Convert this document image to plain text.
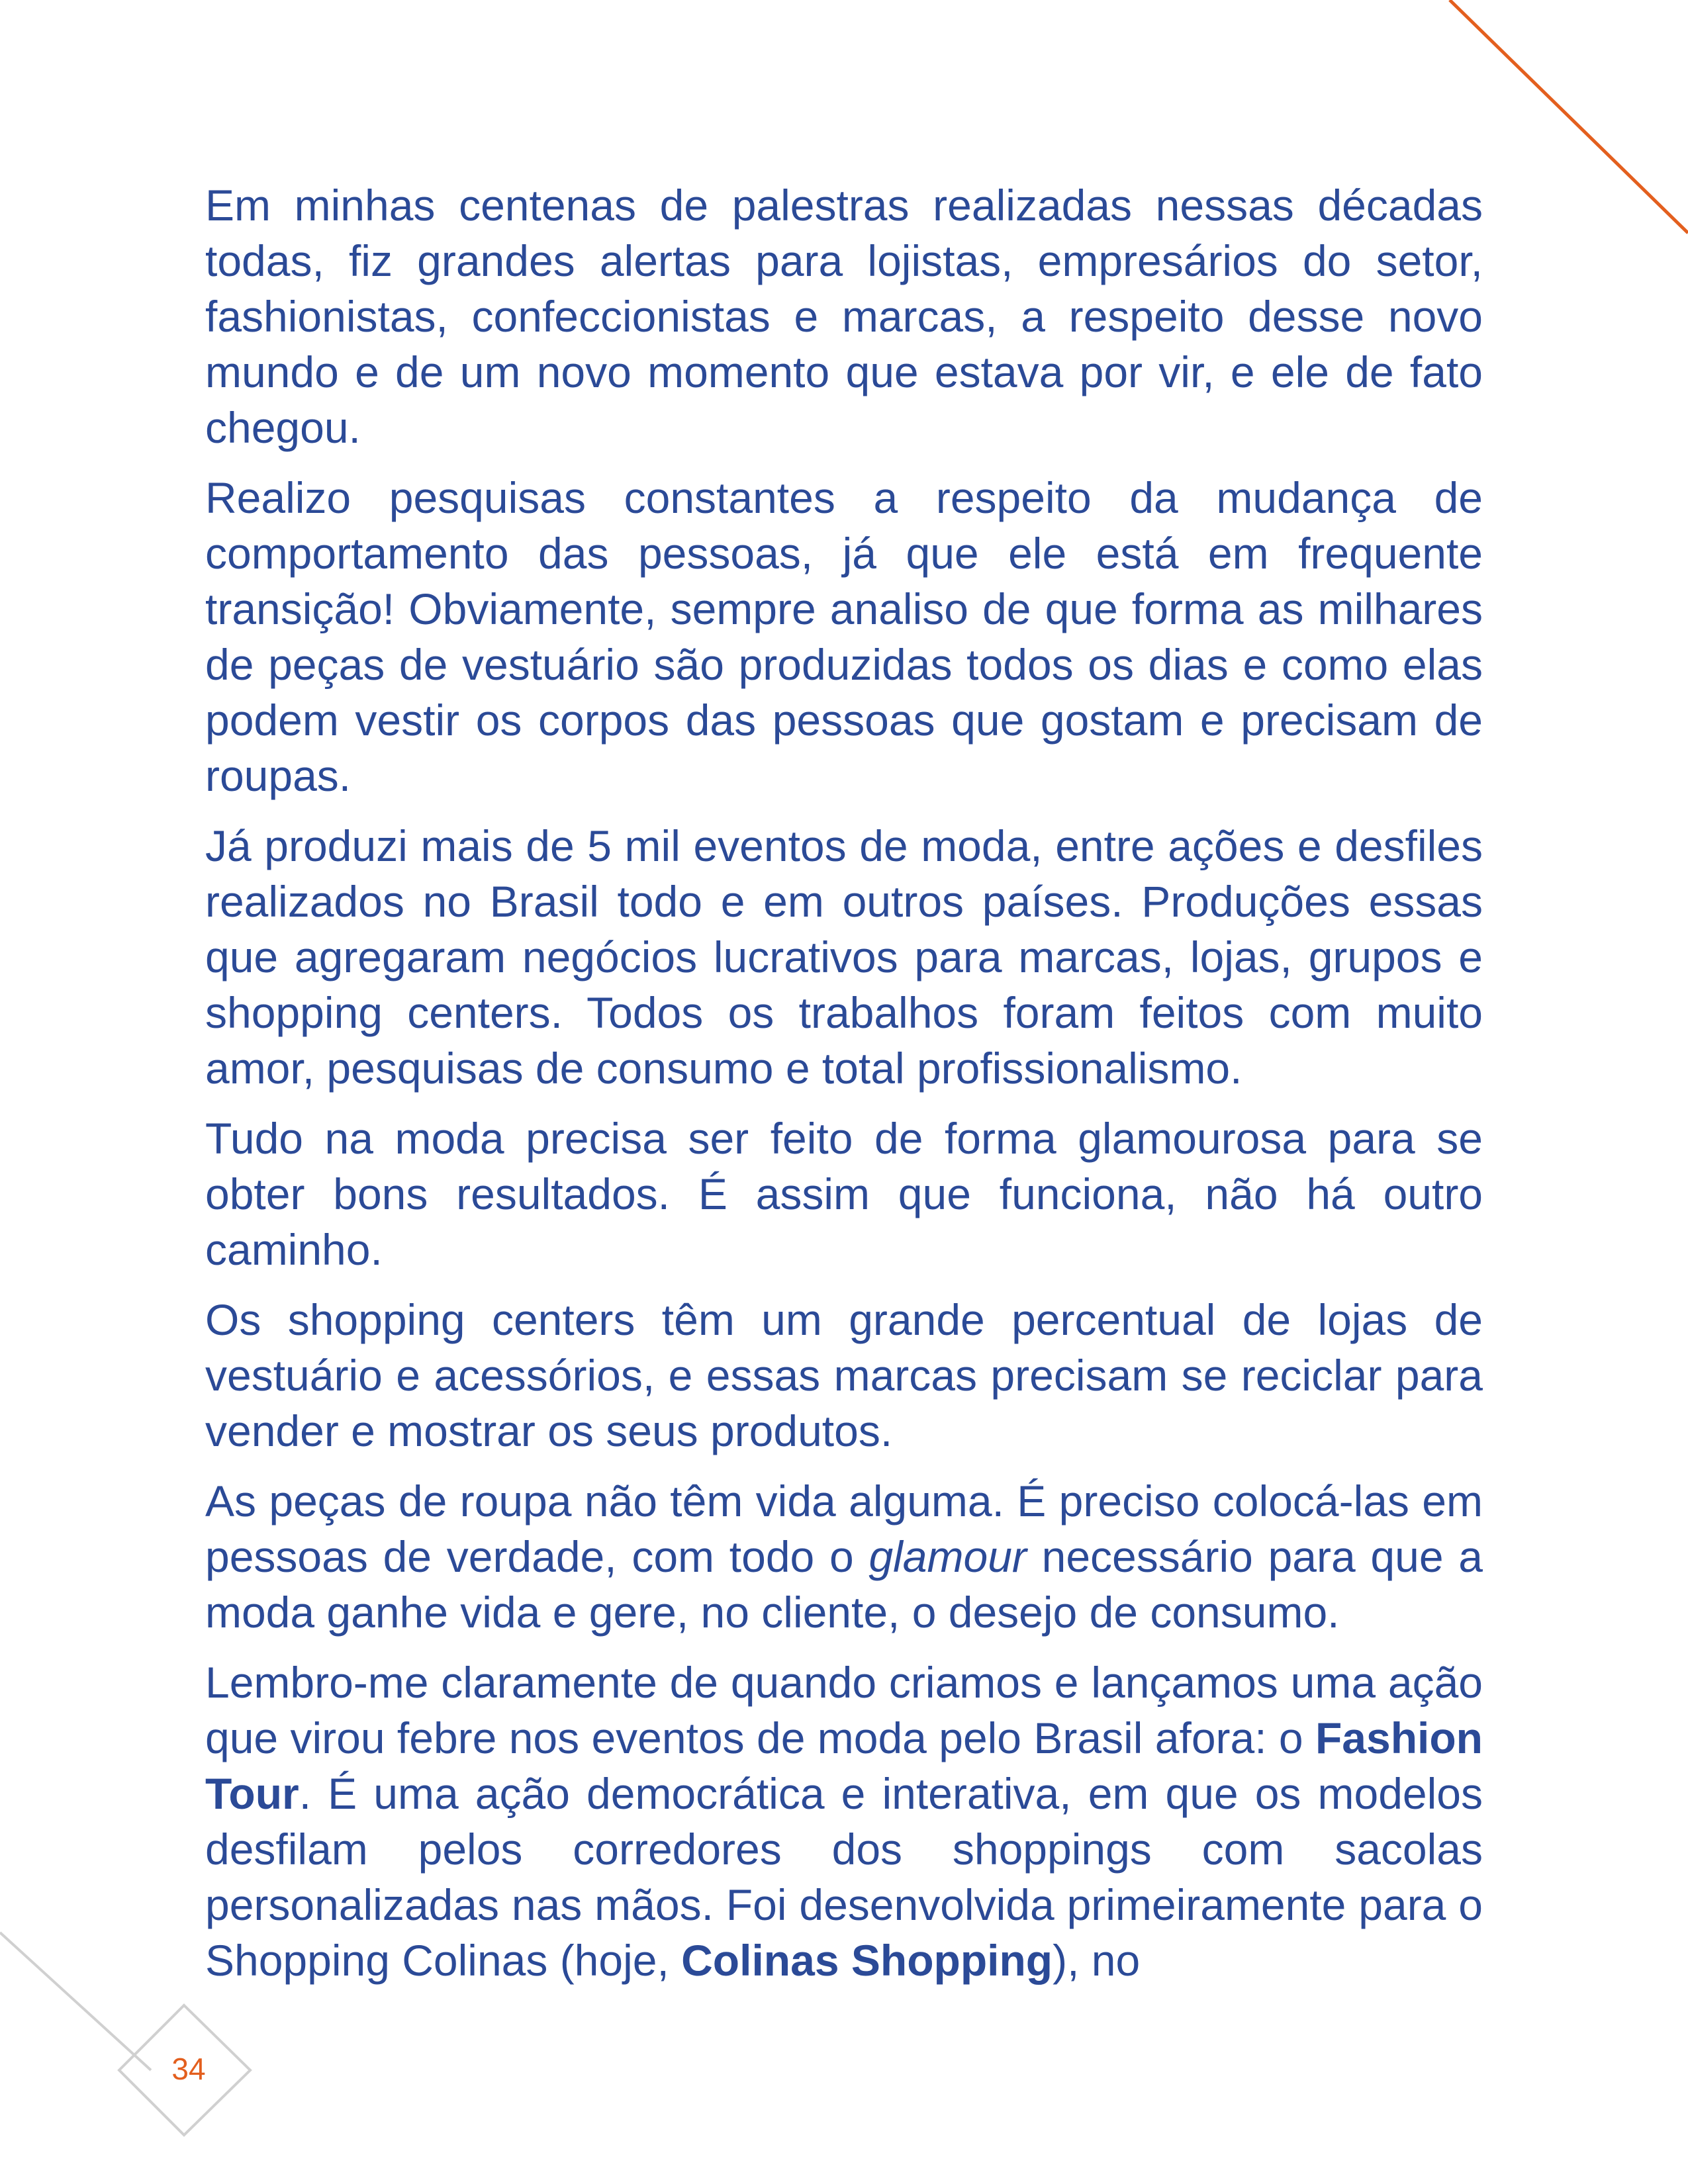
Em minhas centenas de palestras realizadas nessas décadas todas, fiz grandes alertas para lojistas, empresários do setor, fashionistas, confeccionistas e marcas, a respeito desse novo mundo e de um novo momento que estava por vir, e ele de fato chegou.

Realizo pesquisas constantes a respeito da mudança de comportamento das pessoas, já que ele está em frequente transição! Obviamente, sempre analiso de que forma as milhares de peças de vestuário são produzidas todos os dias e como elas podem vestir os corpos das pessoas que gostam e precisam de roupas.

Já produzi mais de 5 mil eventos de moda, entre ações e desfiles realizados no Brasil todo e em outros países. Produções essas que agregaram negócios lucrativos para marcas, lojas, grupos e shopping centers. Todos os trabalhos foram feitos com muito amor, pesquisas de consumo e total profissionalismo.

Tudo na moda precisa ser feito de forma glamourosa para se obter bons resultados. É assim que funciona, não há outro caminho.

Os shopping centers têm um grande percentual de lojas de vestuário e acessórios, e essas marcas precisam se reciclar para vender e mostrar os seus produtos.

As peças de roupa não têm vida alguma. É preciso colocá-las em pessoas de verdade, com todo o glamour necessário para que a moda ganhe vida e gere, no cliente, o desejo de consumo.

Lembro-me claramente de quando criamos e lançamos uma ação que virou febre nos eventos de moda pelo Brasil afora: o Fashion Tour. É uma ação democrática e interativa, em que os modelos desfilam pelos corredores dos shoppings com sacolas personalizadas nas mãos. Foi desenvolvida primeiramente para o Shopping Colinas (hoje, Colinas Shopping), no

34
